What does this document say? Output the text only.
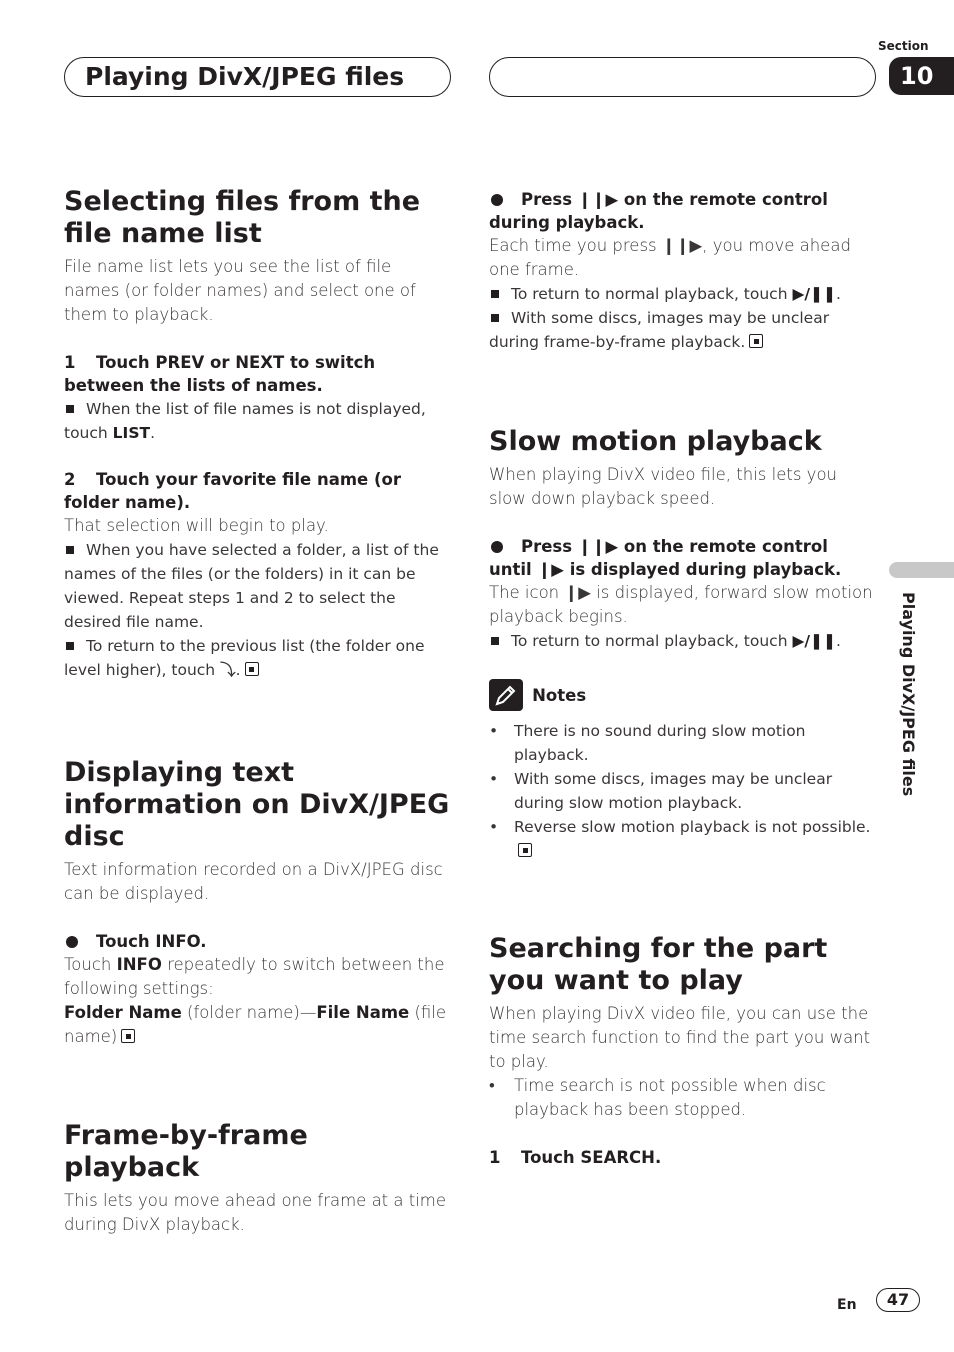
Playing DivX/JPEG files
Section
10
Playing DivX/JPEG files
Selecting files from the file name list

File name list lets you see the list of file names (or folder names) and select one of them to playback.

1 Touch PREV or NEXT to switch between the lists of names.

When the list of file names is not displayed, touch LIST.

2 Touch your favorite file name (or folder name).

That selection will begin to play.

When you have selected a folder, a list of the names of the files (or the folders) in it can be viewed. Repeat steps 1 and 2 to select the desired file name.

To return to the previous list (the folder one level higher), touch ⤵.

Displaying text information on DivX/JPEG disc

Text information recorded on a DivX/JPEG disc can be displayed.

Touch INFO.

Touch INFO repeatedly to switch between the following settings:

Folder Name (folder name)—File Name (file name)

Frame-by-frame playback

This lets you move ahead one frame at a time during DivX playback.

Press ❙❙▶ on the remote control during playback.

Each time you press ❙❙▶, you move ahead one frame.

To return to normal playback, touch ▶/❚❚.

With some discs, images may be unclear during frame-by-frame playback.

Slow motion playback

When playing DivX video file, this lets you slow down playback speed.

Press ❙❙▶ on the remote control until ❙▶ is displayed during playback.

The icon ❙▶ is displayed, forward slow motion playback begins.

To return to normal playback, touch ▶/❚❚.

Notes

• There is no sound during slow motion playback.

• With some discs, images may be unclear during slow motion playback.

• Reverse slow motion playback is not possible.

Searching for the part you want to play

When playing DivX video file, you can use the time search function to find the part you want to play.

• Time search is not possible when disc playback has been stopped.

1 Touch SEARCH.

En	47
